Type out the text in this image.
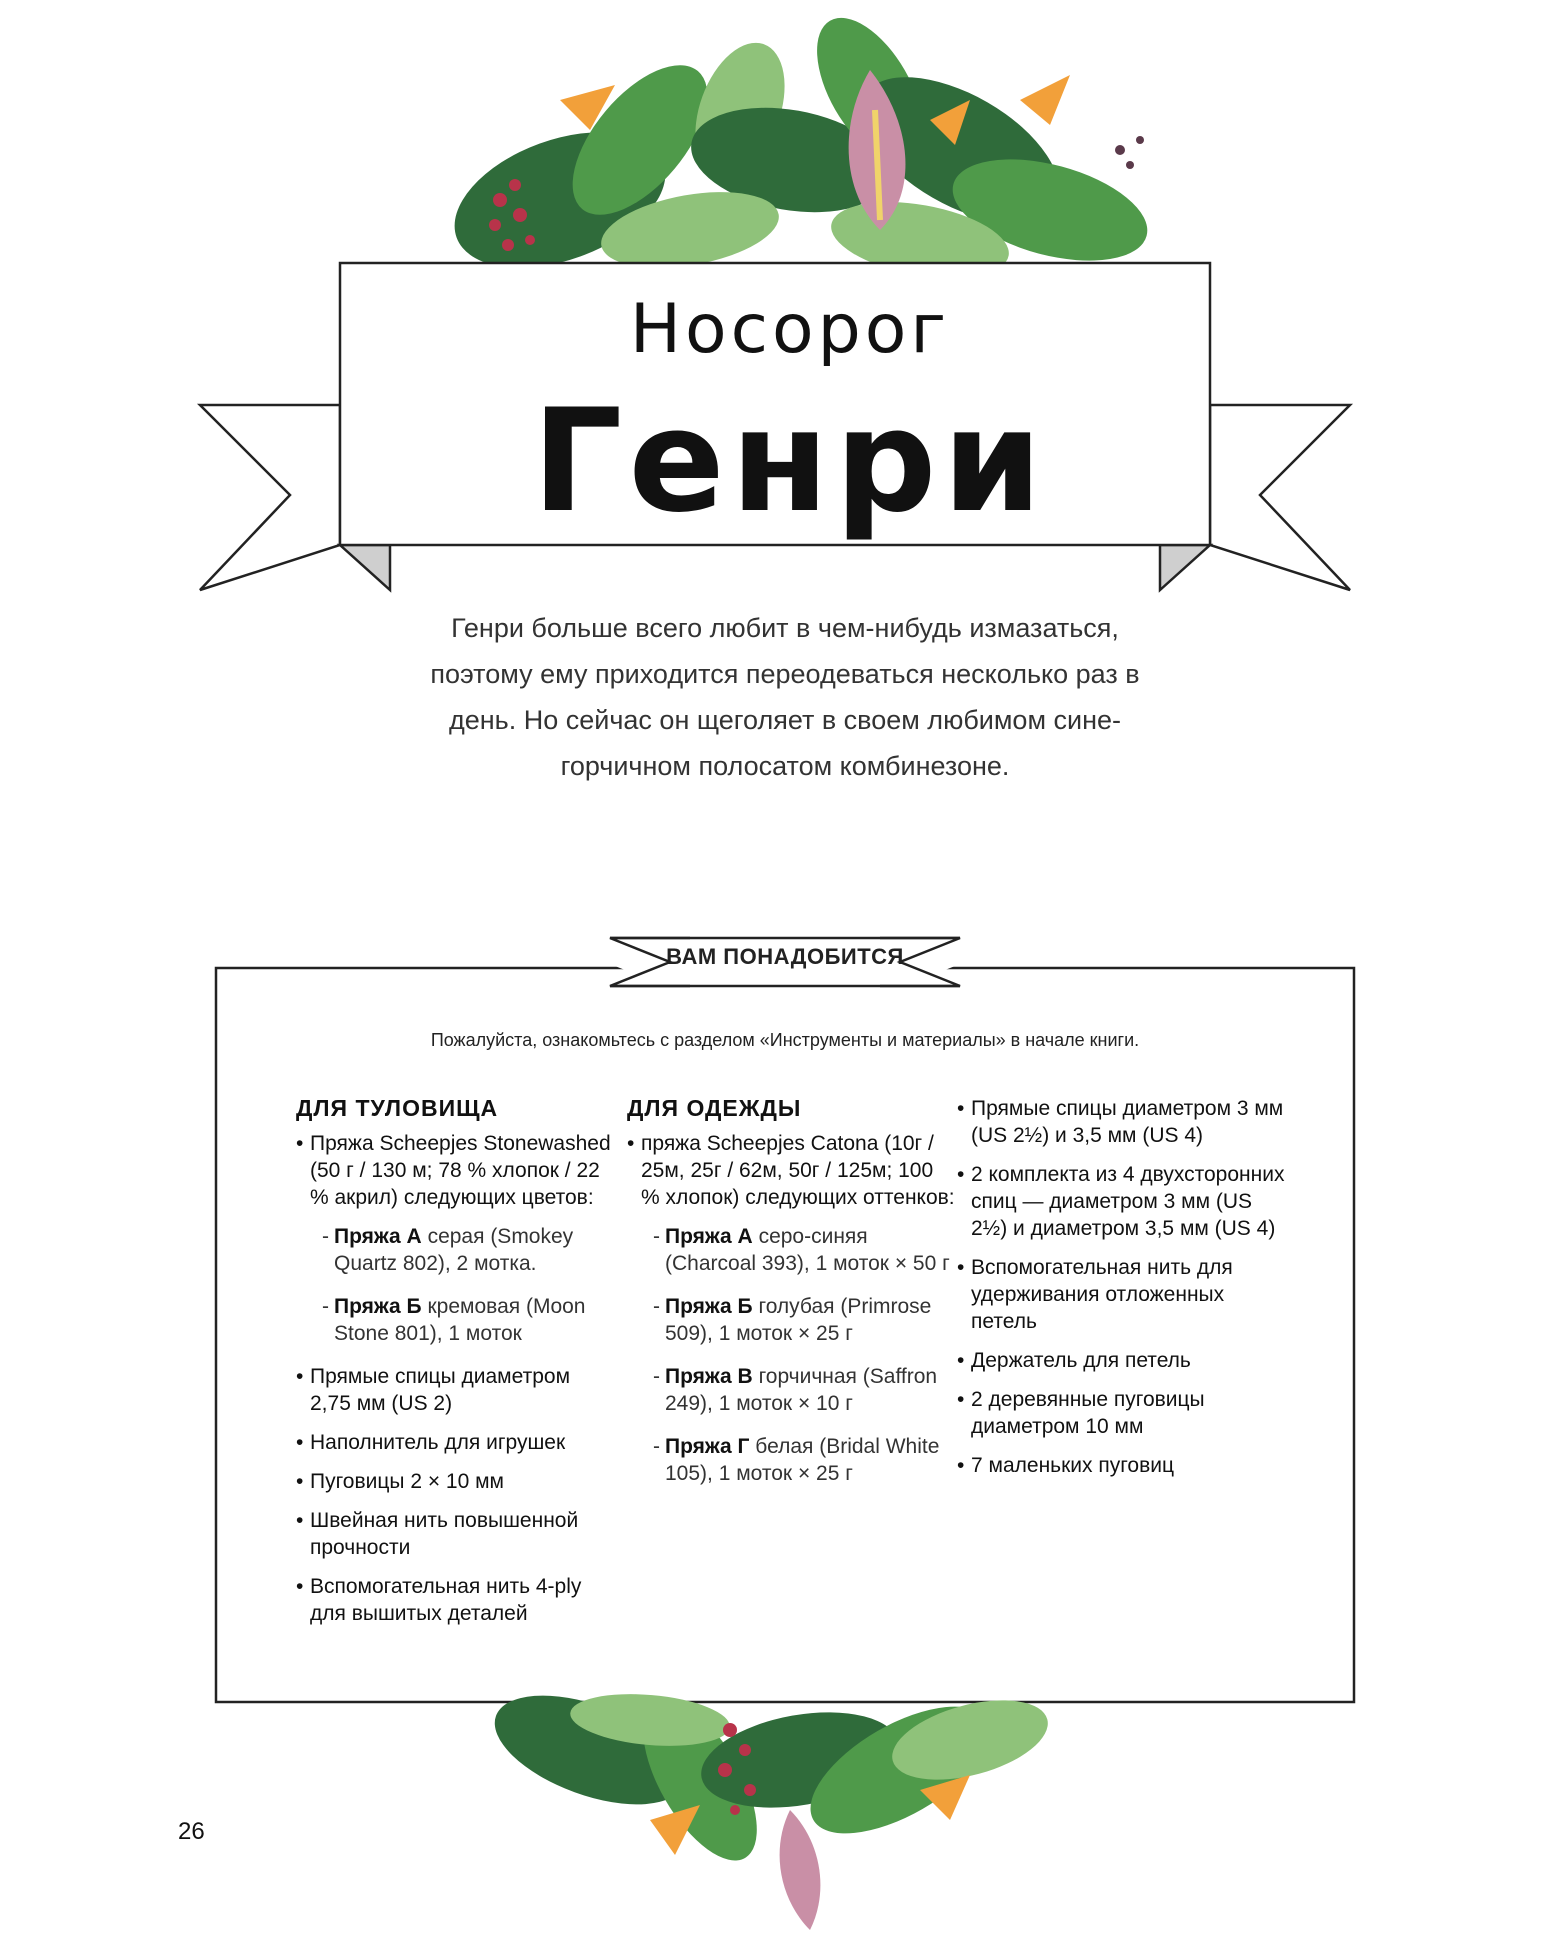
Носорог
Генри
Генри больше всего любит в чем-нибудь измазаться, поэтому ему приходится переодеваться несколько раз в день. Но сейчас он щеголяет в своем любимом сине-горчичном полосатом комбинезоне.
ВАМ ПОНАДОБИТСЯ
Пожалуйста, ознакомьтесь с разделом «Инструменты и материалы» в начале книги.
ДЛЯ ТУЛОВИЩА
• Пряжа Scheepjes Stonewashed (50 г / 130 м; 78 % хлопок / 22 % акрил) следующих цветов:
- Пряжа А серая (Smokey Quartz 802), 2 мотка.
- Пряжа Б кремовая (Moon Stone 801), 1 моток
• Прямые спицы диаметром 2,75 мм (US 2)
• Наполнитель для игрушек
• Пуговицы 2 × 10 мм
• Швейная нить повышенной прочности
• Вспомогательная нить 4-ply для вышитых деталей
ДЛЯ ОДЕЖДЫ
• пряжа Scheepjes Catona (10г / 25м, 25г / 62м, 50г / 125м; 100 % хлопок) следующих оттенков:
- Пряжа А серо-синяя (Charcoal 393), 1 моток × 50 г
- Пряжа Б голубая (Primrose 509), 1 моток × 25 г
- Пряжа В горчичная (Saffron 249), 1 моток × 10 г
- Пряжа Г белая (Bridal White 105), 1 моток × 25 г
• Прямые спицы диаметром 3 мм (US 2½) и 3,5 мм (US 4)
• 2 комплекта из 4 двухсторонних спиц — диаметром 3 мм (US 2½) и диаметром 3,5 мм (US 4)
• Вспомогательная нить для удерживания отложенных петель
• Держатель для петель
• 2 деревянные пуговицы диаметром 10 мм
• 7 маленьких пуговиц
26
